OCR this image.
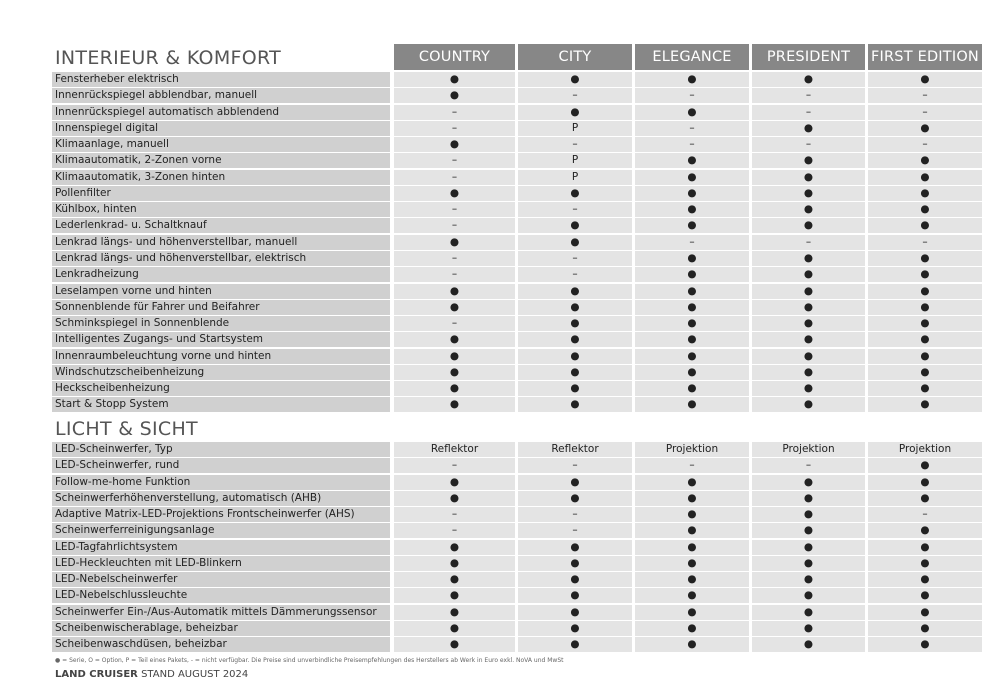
INTERIEUR & KOMFORT
LICHT & SICHT
COUNTRY	CITY	ELEGANCE	PRESIDENT	FIRST EDITION
Fensterheber elektrisch	●	●	●	●	●
Innenrückspiegel abblendbar, manuell	●	–	–	–	–
Innenrückspiegel automatisch abblendend	–	●	●	–	–
Innenspiegel digital	–	P	–	●	●
Klimaanlage, manuell	●	–	–	–	–
Klimaautomatik, 2-Zonen vorne	–	P	●	●	●
Klimaautomatik, 3-Zonen hinten	–	P	●	●	●
Pollenfilter	●	●	●	●	●
Kühlbox, hinten	–	–	●	●	●
Lederlenkrad- u. Schaltknauf	–	●	●	●	●
Lenkrad längs- und höhenverstellbar, manuell	●	●	–	–	–
Lenkrad längs- und höhenverstellbar, elektrisch	–	–	●	●	●
Lenkradheizung	–	–	●	●	●
Leselampen vorne und hinten	●	●	●	●	●
Sonnenblende für Fahrer und Beifahrer	●	●	●	●	●
Schminkspiegel in Sonnenblende	–	●	●	●	●
Intelligentes Zugangs- und Startsystem	●	●	●	●	●
Innenraumbeleuchtung vorne und hinten	●	●	●	●	●
Windschutzscheibenheizung	●	●	●	●	●
Heckscheibenheizung	●	●	●	●	●
Start & Stopp System	●	●	●	●	●
LED-Scheinwerfer, Typ	Reflektor	Reflektor	Projektion	Projektion	Projektion
LED-Scheinwerfer, rund	–	–	–	–	●
Follow-me-home Funktion	●	●	●	●	●
Scheinwerferhöhenverstellung, automatisch (AHB)	●	●	●	●	●
Adaptive Matrix-LED-Projektions Frontscheinwerfer (AHS)	–	–	●	●	–
Scheinwerferreinigungsanlage	–	–	●	●	●
LED-Tagfahrlichtsystem	●	●	●	●	●
LED-Heckleuchten mit LED-Blinkern	●	●	●	●	●
LED-Nebelscheinwerfer	●	●	●	●	●
LED-Nebelschlussleuchte	●	●	●	●	●
Scheinwerfer Ein-/Aus-Automatik mittels Dämmerungssensor	●	●	●	●	●
Scheibenwischerablage, beheizbar	●	●	●	●	●
Scheibenwaschdüsen, beheizbar	●	●	●	●	●
● = Serie, O = Option, P = Teil eines Pakets, - = nicht verfügbar. Die Preise sind unverbindliche Preisempfehlungen des Herstellers ab Werk in Euro exkl. NoVA und MwSt
LAND CRUISER STAND AUGUST 2024
